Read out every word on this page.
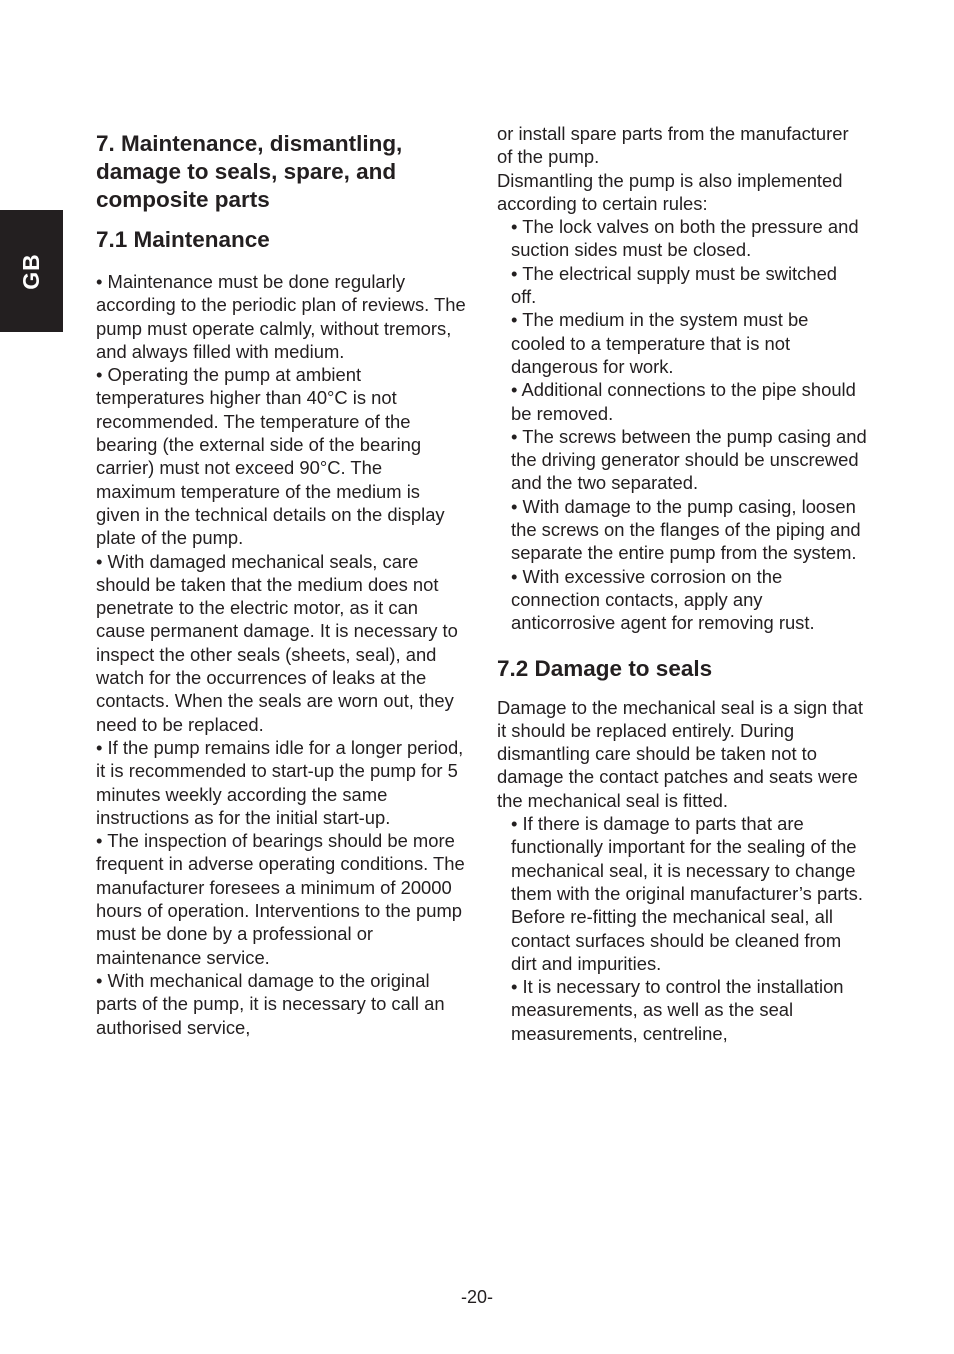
GB
7. Maintenance, dismantling, damage to seals, spare, and composite parts
7.1 Maintenance

• Maintenance must be done regularly according to the periodic plan of reviews. The pump must operate calmly, without tremors, and always filled with medium.

• Operating the pump at ambient temperatures higher than 40°C is not recommended. The temperature of the bearing (the external side of the bearing carrier) must not exceed 90°C. The maximum temperature of the medium is given in the technical details on the display plate of the pump.

• With damaged mechanical seals, care should be taken that the medium does not penetrate to the electric motor, as it can cause permanent damage. It is necessary to inspect the other seals (sheets, seal), and watch for the occurrences of leaks at the contacts. When the seals are worn out, they need to be replaced.

• If the pump remains idle for a longer period, it is recommended to start-up the pump for 5 minutes weekly according the same instructions as for the initial start-up.

• The inspection of bearings should be more frequent in adverse operating conditions. The manufacturer foresees a minimum of 20000 hours of operation. Interventions to the pump must be done by a professional or maintenance service.

• With mechanical damage to the original parts of the pump, it is necessary to call an authorised service,

or install spare parts from the manufacturer of the pump.

Dismantling the pump is also implemented according to certain rules:

• The lock valves on both the pressure and suction sides must be closed.

• The electrical supply must be switched off.

• The medium in the system must be cooled to a temperature that is not dangerous for work.

• Additional connections to the pipe should be removed.

• The screws between the pump casing and the driving generator should be unscrewed and the two separated.

• With damage to the pump casing, loosen the screws on the flanges of the piping and separate the entire pump from the system.

• With excessive corrosion on the connection contacts, apply any anticorrosive agent for removing rust.

7.2 Damage to seals

Damage to the mechanical seal is a sign that it should be replaced entirely. During dismantling care should be taken not to damage the contact patches and seats were the mechanical seal is fitted.

• If there is damage to parts that are functionally important for the sealing of the mechanical seal, it is necessary to change them with the original manufacturer’s parts. Before re-fitting the mechanical seal, all contact surfaces should be cleaned from dirt and impurities.

• It is necessary to control the installation measurements, as well as the seal measurements, centreline,

-20-
